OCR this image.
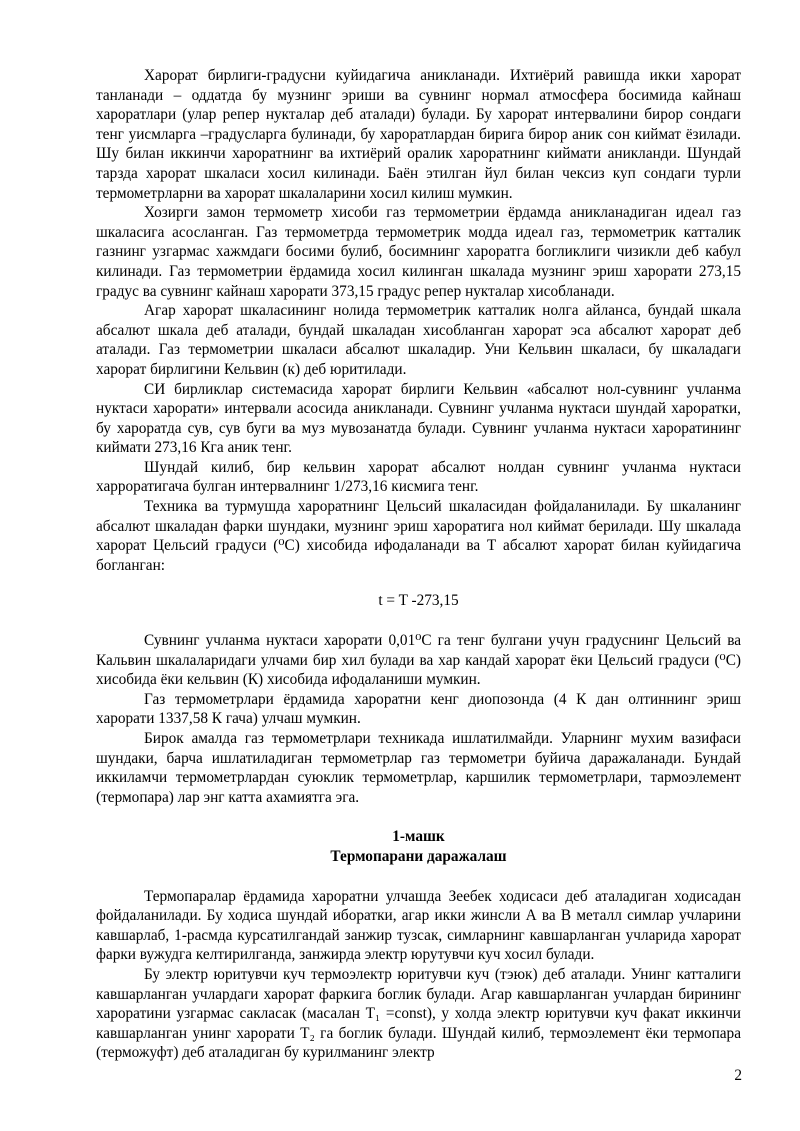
Харорат бирлиги-градусни куйидагича аникланади. Ихтиёрий равишда икки харорат танланади – оддатда бу музнинг эриши ва сувнинг нормал атмосфера босимида кайнаш хароратлари (улар репер нукталар деб аталади) булади. Бу харорат интервалини бирор сондаги тенг уисмларга –градусларга булинади, бу хароратлардан бирига бирор аник сон киймат ёзилади. Шу билан иккинчи хароратнинг ва ихтиёрий оралик хароратнинг киймати аникланди. Шундай тарзда харорат шкаласи хосил килинади. Баён этилган йул билан чексиз куп сондаги турли термометрларни ва харорат шкалаларини хосил килиш мумкин.

Хозирги замон термометр хисоби газ термометрии ёрдамда аникланадиган идеал газ шкаласига асосланган. Газ термометрда термометрик модда идеал газ, термометрик катталик газнинг узгармас хажмдаги босими булиб, босимнинг хароратга богликлиги чизикли деб кабул килинади. Газ термометрии ёрдамида хосил килинган шкалада музнинг эриш харорати 273,15 градус ва сувнинг кайнаш харорати 373,15 градус репер нукталар хисобланади.

Агар харорат шкаласининг нолида термометрик катталик нолга айланса, бундай шкала абсалют шкала деб аталади, бундай шкаладан хисобланган харорат эса абсалют харорат деб аталади. Газ термометрии шкаласи абсалют шкаладир. Уни Кельвин шкаласи, бу шкаладаги харорат бирлигини Кельвин (к) деб юритилади.

СИ бирликлар системасида харорат бирлиги Кельвин «абсалют нол-сувнинг учланма нуктаси харорати» интервали асосида аникланади. Сувнинг учланма нуктаси шундай хароратки, бу хароратда сув, сув буги ва муз мувозанатда булади. Сувнинг учланма нуктаси хароратининг киймати 273,16 Кга аник тенг.

Шундай килиб, бир кельвин харорат абсалют нолдан сувнинг учланма нуктаси харроратигача булган интервалнинг 1/273,16 кисмига тенг.

Техника ва турмушда хароратнинг Цельсий шкаласидан фойдаланилади. Бу шкаланинг абсалют шкаладан фарки шундаки, музнинг эриш хароратига нол киймат берилади. Шу шкалада харорат Цельсий градуси (⁰С) хисобида ифодаланади ва Т абсалют харорат билан куйидагича богланган:

t = T -273,15

Сувнинг учланма нуктаси харорати 0,01⁰С га тенг булгани учун градуснинг Цельсий ва Кальвин шкалаларидаги улчами бир хил булади ва хар кандай харорат ёки Цельсий градуси (⁰С) хисобида ёки кельвин (К) хисобида ифодаланиши мумкин.

Газ термометрлари ёрдамида хароратни кенг диопозонда (4 К дан олтиннинг эриш харорати 1337,58 К гача) улчаш мумкин.

Бирок амалда газ термометрлари техникада ишлатилмайди. Уларнинг мухим вазифаси шундаки, барча ишлатиладиган термометрлар газ термометри буйича даражаланади. Бундай иккиламчи термометрлардан суюклик термометрлар, каршилик термометрлари, тармоэлемент (термопара) лар энг катта ахамиятга эга.

1-машк

Термопарани даражалаш

Термопаралар ёрдамида хароратни улчашда Зеебек ходисаси деб аталадиган ходисадан фойдаланилади. Бу ходиса шундай иборатки, агар икки жинсли А ва В металл симлар учларини кавшарлаб, 1-расмда курсатилгандай занжир тузсак, симларнинг кавшарланган учларида харорат фарки вужудга келтирилганда, занжирда электр юрутувчи куч хосил булади.

Бу электр юритувчи куч термоэлектр юритувчи куч (тэюк) деб аталади. Унинг катталиги кавшарланган учлардаги харорат фаркига боглик булади. Агар кавшарланган учлардан бирининг хароратини узгармас сакласак (масалан T₁ =const), у холда электр юритувчи куч факат иккинчи кавшарланган унинг харорати T₂ га боглик булади. Шундай килиб, термоэлемент ёки термопара (терможуфт) деб аталадиган бу курилманинг электр

2
